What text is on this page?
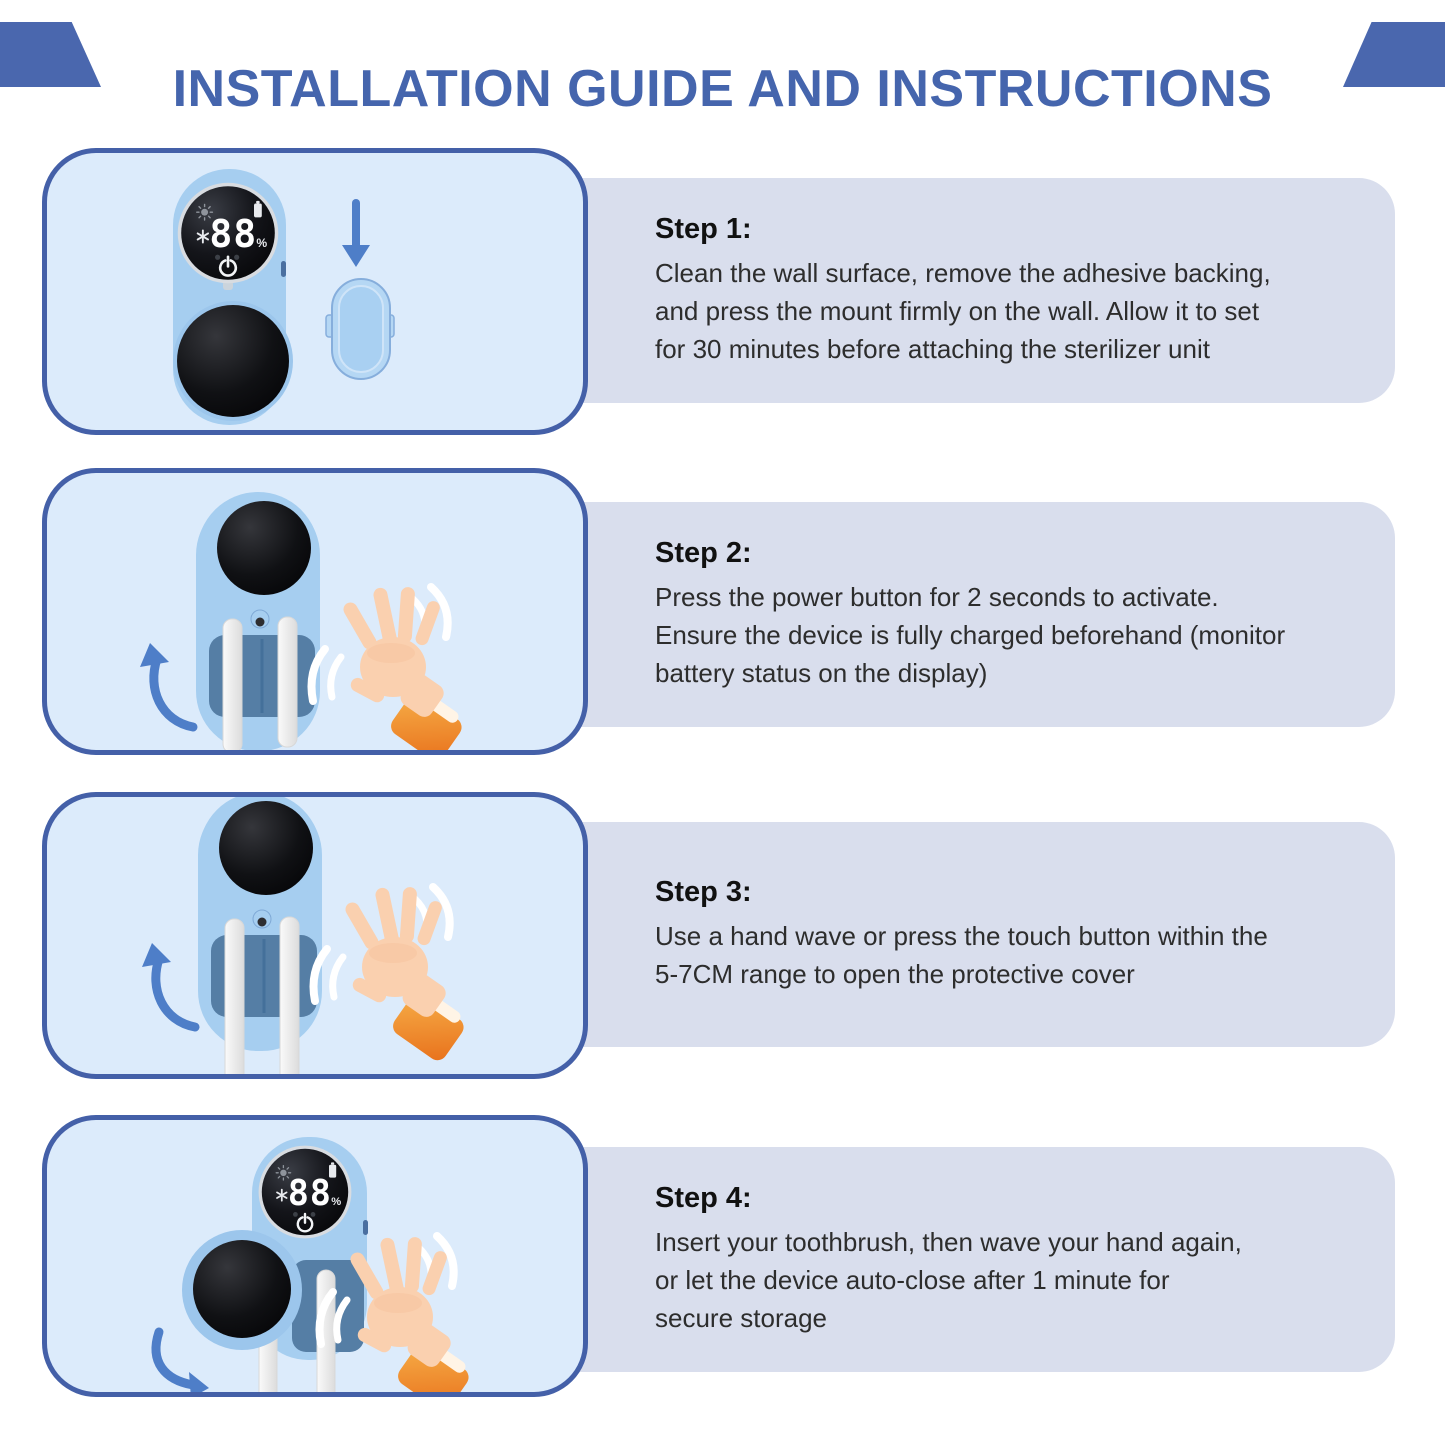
INSTALLATION GUIDE AND INSTRUCTIONS
Step 1:

Clean the wall surface, remove the adhesive backing,

and press the mount firmly on the wall. Allow it to set

for 30 minutes before attaching the sterilizer unit

Step 2:

Press the power button for 2 seconds to activate.

Ensure the device is fully charged beforehand (monitor

battery status on the display)

Step 3:

Use a hand wave or press the touch button within the

5-7CM range to open the protective cover

Step 4:

Insert your toothbrush, then wave your hand again,

or let the device auto-close after 1 minute for

secure storage
